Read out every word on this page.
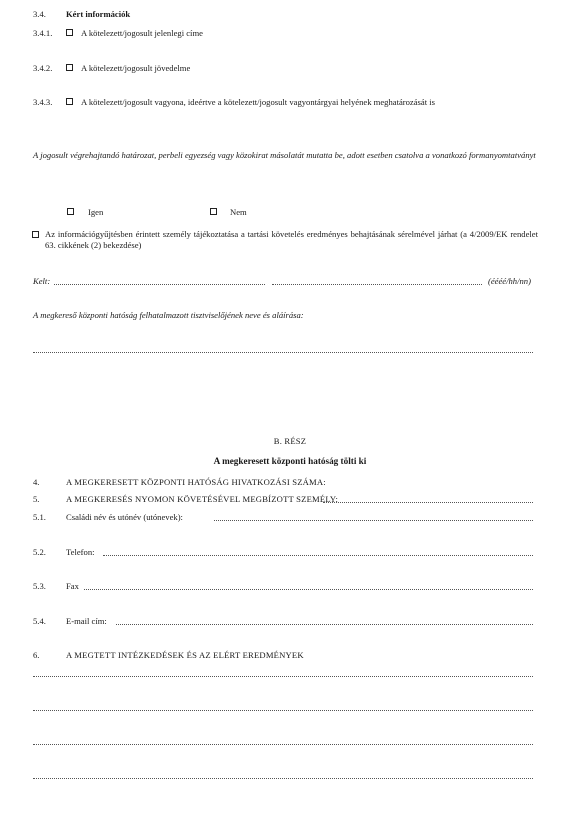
3.4. Kért információk
3.4.1.	A kötelezett/jogosult jelenlegi címe
3.4.2.	A kötelezett/jogosult jövedelme
3.4.3.	A kötelezett/jogosult vagyona, ideértve a kötelezett/jogosult vagyontárgyai helyének meghatározását is
A jogosult végrehajtandó határozat, perbeli egyezség vagy közokirat másolatát mutatta be, adott esetben csatolva a vonatkozó formanyomtatványt
Igen	Nem
Az információgyűjtésben érintett személy tájékoztatása a tartási követelés eredményes behajtásának sérelmével járhat (a 4/2009/EK rendelet 63. cikkének (2) bekezdése)
Kelt:	(éééé/hh/nn)
A megkereső központi hatóság felhatalmazott tisztviselőjének neve és aláírása:
B. RÉSZ
A megkeresett központi hatóság tölti ki
4.	A MEGKERESETT KÖZPONTI HATÓSÁG HIVATKOZÁSI SZÁMA:
5.	A MEGKERESÉS NYOMON KÖVETÉSÉVEL MEGBÍZOTT SZEMÉLY:
5.1. Családi név és utónév (utónevek):
5.2. Telefon:
5.3. Fax
5.4. E-mail cím:
6.	A MEGTETT INTÉZKEDÉSEK ÉS AZ ELÉRT EREDMÉNYEK
